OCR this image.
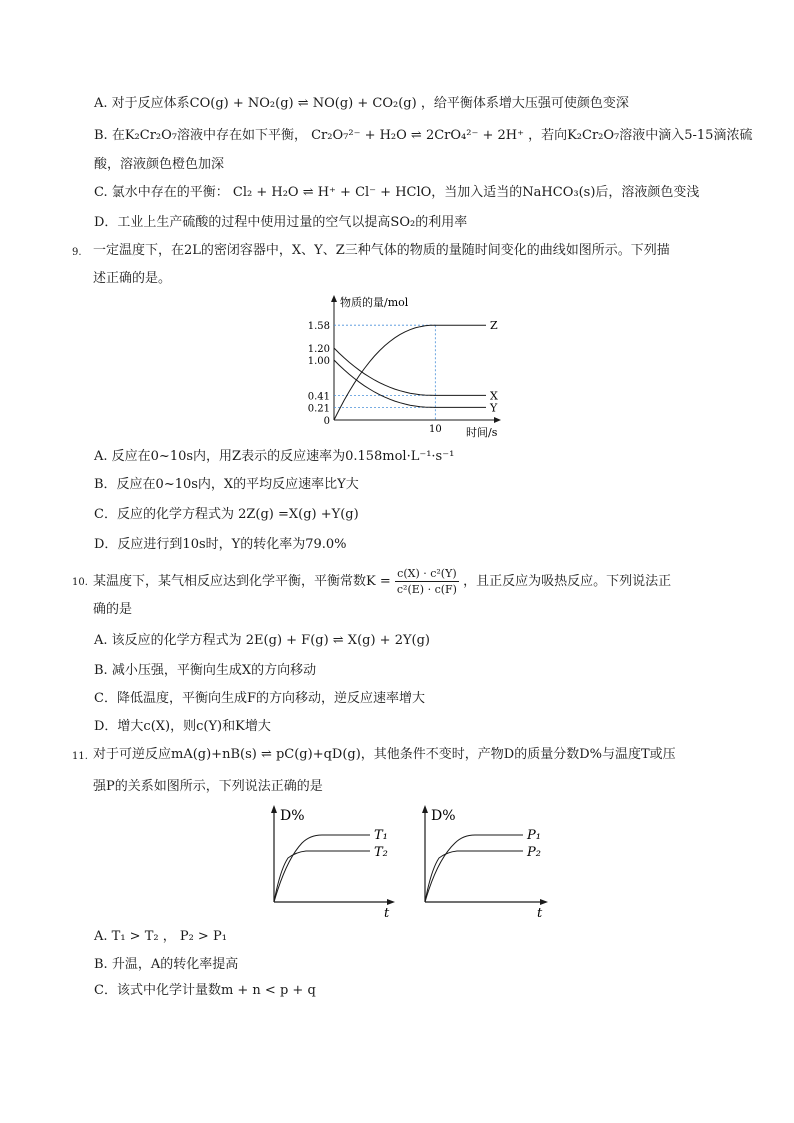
A. 对于反应体系CO(g) + NO₂(g) ⇌ NO(g) + CO₂(g) ，给平衡体系增大压强可使颜色变深
B. 在K₂Cr₂O₇溶液中存在如下平衡， Cr₂O₇²⁻ + H₂O ⇌ 2CrO₄²⁻ + 2H⁺ ，若向K₂Cr₂O₇溶液中滴入5-15滴浓硫
酸，溶液颜色橙色加深
C. 氯水中存在的平衡： Cl₂ + H₂O ⇌ H⁺ + Cl⁻ + HClO，当加入适当的NaHCO₃(s)后，溶液颜色变浅
D．工业上生产硫酸的过程中使用过量的空气以提高SO₂的利用率
9. 一定温度下，在2L的密闭容器中，X、Y、Z三种气体的物质的量随时间变化的曲线如图所示。下列描
述正确的是。
物质的量/mol
时间/s
1.58
1.20
1.00
0.41
0.21
0
10
Z
X
Y
A. 反应在0~10s内，用Z表示的反应速率为0.158mol·L⁻¹·s⁻¹
B．反应在0~10s内，X的平均反应速率比Y大
C．反应的化学方程式为 2Z(g) =X(g) +Y(g)
D．反应进行到10s时，Y的转化率为79.0%
10. 某温度下，某气相反应达到化学平衡，平衡常数$K = \frac{\text{c(X) · c²(Y)}}{\text{c²(E) · c(F)}}$ ，且正反应为吸热反应。下列说法正
确的是
A. 该反应的化学方程式为 2E(g) + F(g) ⇌ X(g) + 2Y(g)
B. 减小压强，平衡向生成X的方向移动
C．降低温度，平衡向生成F的方向移动，逆反应速率增大
D．增大c(X)，则c(Y)和K增大
11. 对于可逆反应mA(g)+nB(s) ⇌ pC(g)+qD(g)，其他条件不变时，产物D的质量分数D%与温度T或压
强P的关系如图所示，下列说法正确的是
D%
t
T₁
T₂
D%
t
P₁
P₂
A. T₁ > T₂ ， P₂ > P₁
B. 升温，A的转化率提高
C．该式中化学计量数m + n < p + q
